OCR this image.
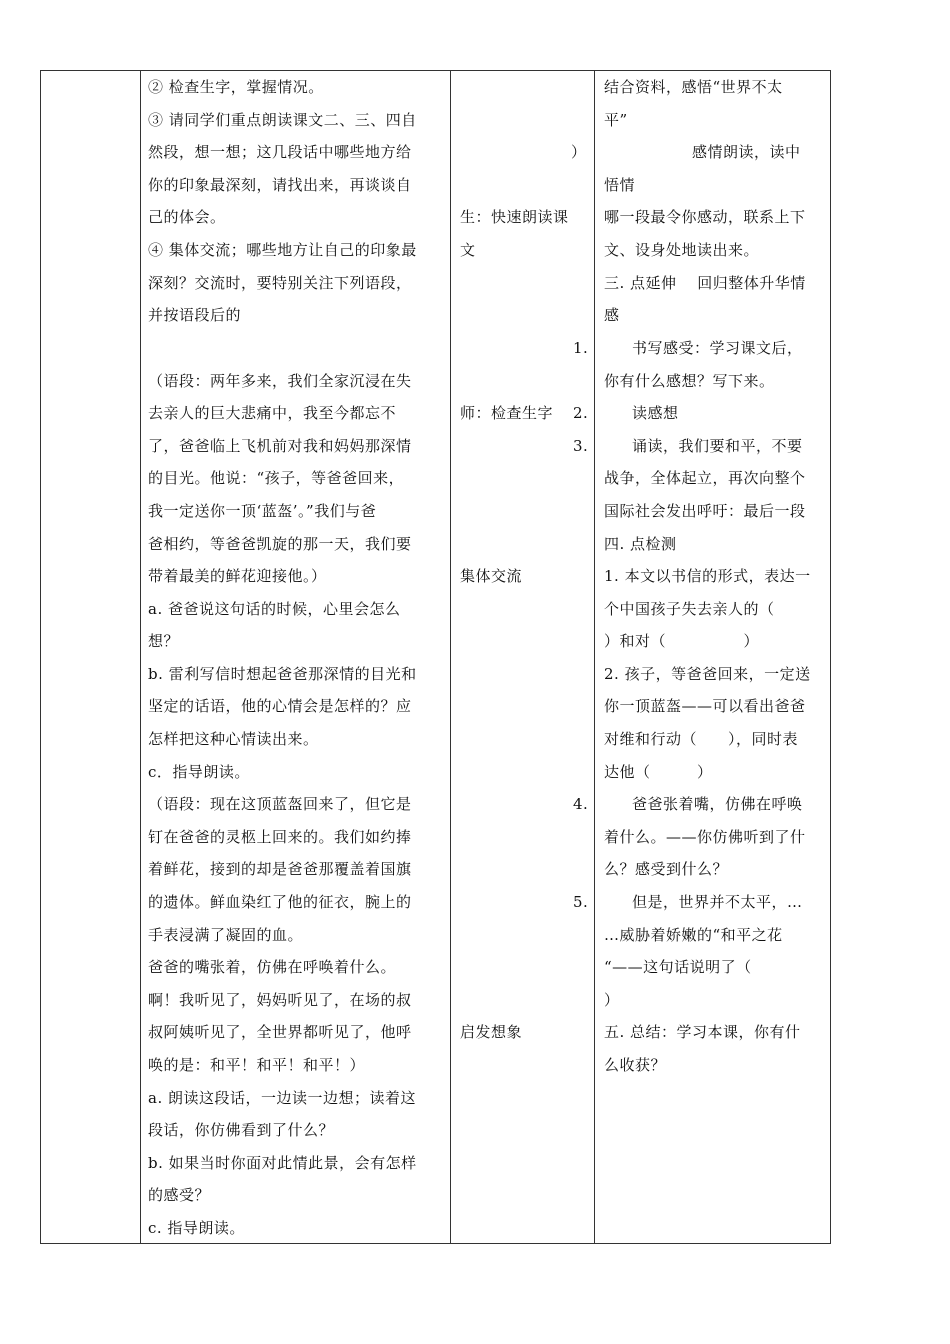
② 检查生字，掌握情况。
③ 请同学们重点朗读课文二、三、四自
然段，想一想；这几段话中哪些地方给
你的印象最深刻，请找出来，再谈谈自
己的体会。
④ 集体交流；哪些地方让自己的印象最
深刻？交流时，要特别关注下列语段，
并按语段后的
（语段：两年多来，我们全家沉浸在失
去亲人的巨大悲痛中，我至今都忘不
了，爸爸临上飞机前对我和妈妈那深情
的目光。他说：“孩子，等爸爸回来，
我一定送你一顶‘蓝盔’。”我们与爸
爸相约，等爸爸凯旋的那一天，我们要
带着最美的鲜花迎接他。）
a. 爸爸说这句话的时候，心里会怎么
想？
b. 雷利写信时想起爸爸那深情的目光和
坚定的话语，他的心情会是怎样的？应
怎样把这种心情读出来。
c．指导朗读。
（语段：现在这顶蓝盔回来了，但它是
钉在爸爸的灵柩上回来的。我们如约捧
着鲜花，接到的却是爸爸那覆盖着国旗
的遗体。鲜血染红了他的征衣，腕上的
手表浸满了凝固的血。
爸爸的嘴张着，仿佛在呼唤着什么。
啊！我听见了，妈妈听见了，在场的叔
叔阿姨听见了，全世界都听见了，他呼
唤的是：和平！和平！和平！）
a. 朗读这段话，一边读一边想；读着这
段话，你仿佛看到了什么？
b. 如果当时你面对此情此景，会有怎样
的感受？
c. 指导朗读。
）
生：快速朗读课
文
1.
师：检查生字 2.
3.
集体交流
4.
5.
启发想象
结合资料，感悟“世界不太
平”
感情朗读，读中
悟情
哪一段最令你感动，联系上下
文、设身处地读出来。
三. 点延伸　 回归整体升华情
感
书写感受：学习课文后，
你有什么感想？写下来。
读感想
诵读，我们要和平，不要
战争，全体起立，再次向整个
国际社会发出呼吁：最后一段
四. 点检测
1. 本文以书信的形式，表达一
个中国孩子失去亲人的（
）和对（　　　　　）
2. 孩子，等爸爸回来，一定送
你一顶蓝盔——可以看出爸爸
对维和行动（　　），同时表
达他（　　　）
爸爸张着嘴，仿佛在呼唤
着什么。——你仿佛听到了什
么？感受到什么？
但是，世界并不太平，…
…威胁着娇嫩的“和平之花
“——这句话说明了（
）
五. 总结：学习本课，你有什
么收获？
